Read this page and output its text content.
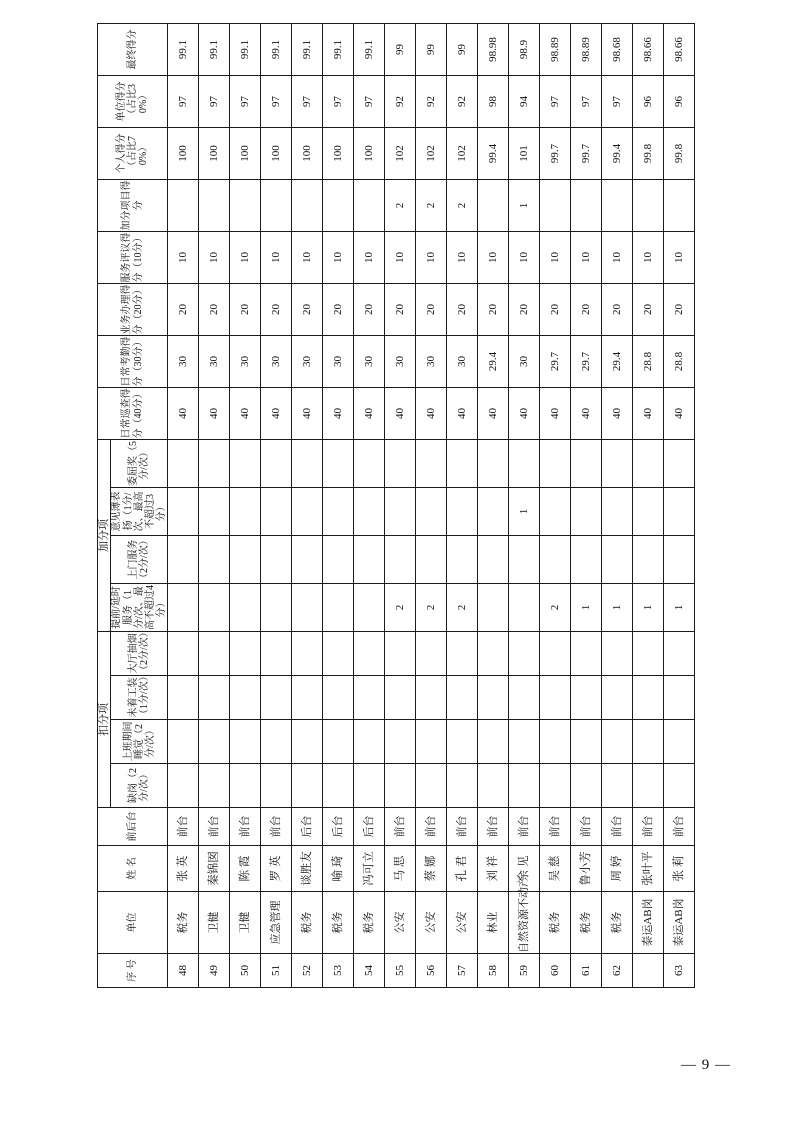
序 号	单位	姓 名	前后台	扣分项				加分项				日常巡查得分（40分）	日常考勤得分（30分）	业务办理得分（20分）	服务评议得分（10分）	加分项目得分	个人得分（占比70%）	单位得分（占比30%）	最终得分
				缺岗（2分/次）	上班期间睡觉（2分/次）	未着工装（1分/次）	大厅抽烟（2分/次）	提前/延时服务（1分/次、最高不超过4分）	上门服务（2分/次）	意见薄表扬（1分/次、最高不超过3分）	委屈奖（5分/次）								
48	税务	张 英	前台									40	30	20	10		100	97	99.1
49	卫健	秦锦囡	前台									40	30	20	10		100	97	99.1
50	卫健	陈 霞	前台									40	30	20	10		100	97	99.1
51	应急管理	罗 英	前台									40	30	20	10		100	97	99.1
52	税务	谈胜友	后台									40	30	20	10		100	97	99.1
53	税务	喻 琦	后台									40	30	20	10		100	97	99.1
54	税务	冯可立	后台									40	30	20	10		100	97	99.1
55	公安	马 思	前台					2				40	30	20	10	2	102	92	99
56	公安	蔡 娜	前台					2				40	30	20	10	2	102	92	99
57	公安	孔 君	前台					2				40	30	20	10	2	102	92	99
58	林业	刘 祥	前台									40	29.4	20	10		99.4	98	98.98
59	自然资源不动产	余 见	前台							1		40	30	20	10	1	101	94	98.9
60	税务	吴 慈	前台					2				40	29.7	20	10		99.7	97	98.89
61	税务	鲁小芳	前台					1				40	29.7	20	10		99.7	97	98.89
62	税务	周 婷	前台					1				40	29.4	20	10		99.4	97	98.68
	泰运AB岗	张叶平	前台					1				40	28.8	20	10		99.8	96	98.66
63	泰运AB岗	张 莉	前台					1				40	28.8	20	10		99.8	96	98.66
— 9 —
